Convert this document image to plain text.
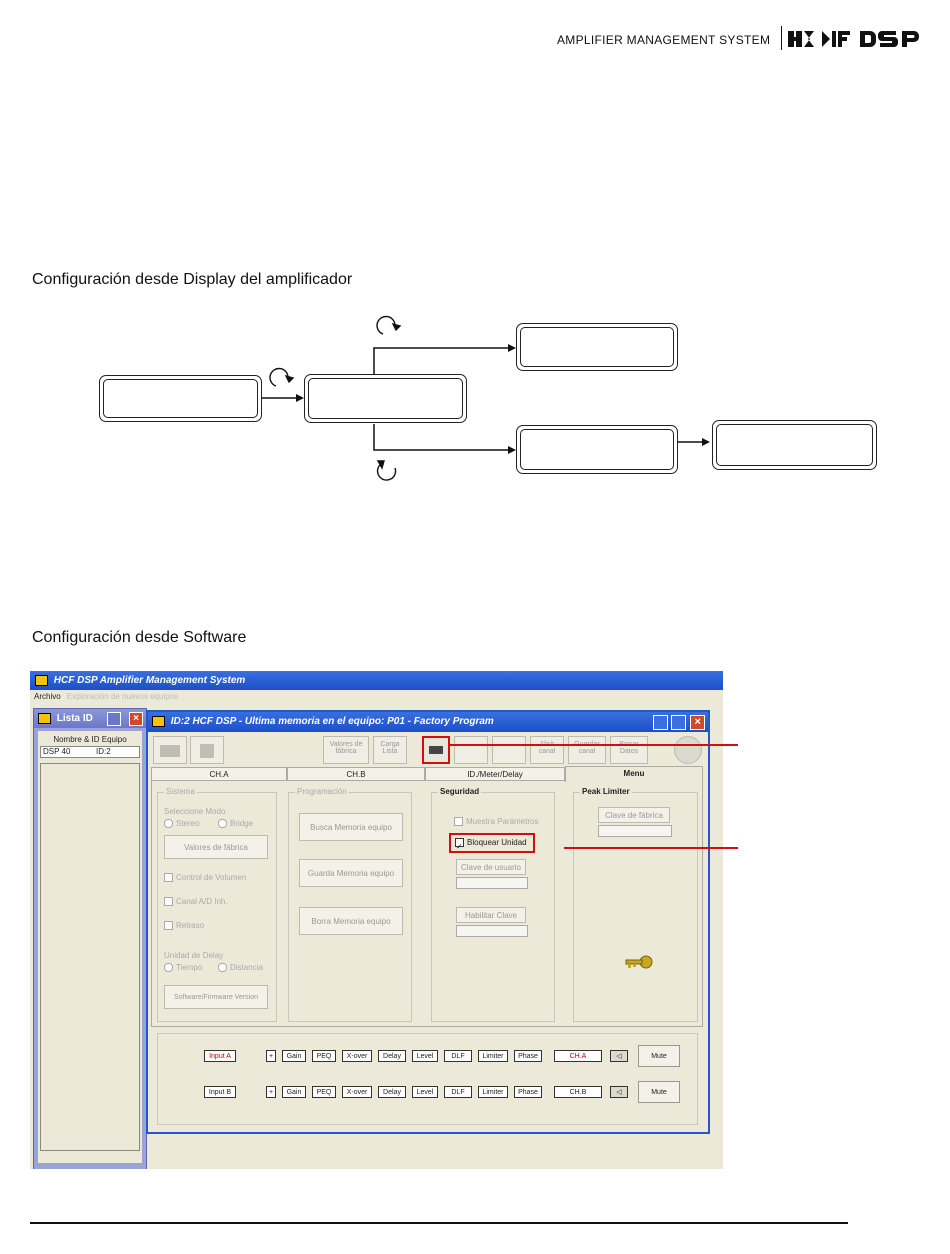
AMPLIFIER MANAGEMENT SYSTEM
Configuración desde Display del amplificador
Configuración desde Software
HCF DSP Amplifier Management System
Archivo Exploración de nuevos equipos
Lista ID	×
Nombre & ID Equipo
DSP 40	ID:2
ID:2 HCF DSP - Ultima memoria en el equipo: P01 - Factory Program	×
Valores de fábrica
Carga Lista	canal	canal	Datos
CH.A	CH.B	ID./Meter/Delay	Menu
Sistema
Seleccione Modo
Stereo	Bridge
Valores de fábrica
Control de Volumen
Canal A/D Inh.
Retraso
Unidad de Delay
Tiempo	Distancia
Software/Firmware Version
Programación
Busca Memoria equipo
Guarda Memoria equipo
Borra Memoria equipo
Seguridad
Muestra Parámetros
✓ Bloquear Unidad
Clave de usuario
Habilitar Clave
Peak Limiter
Clave de fábrica
Input A	+	Gain	PEQ	X-over	Delay	Level	DLF	Limiter	Phase	CH.A	◁	Mute
Input B	+	Gain	PEQ	X-over	Delay	Level	DLF	Limiter	Phase	CH.B	◁	Mute
